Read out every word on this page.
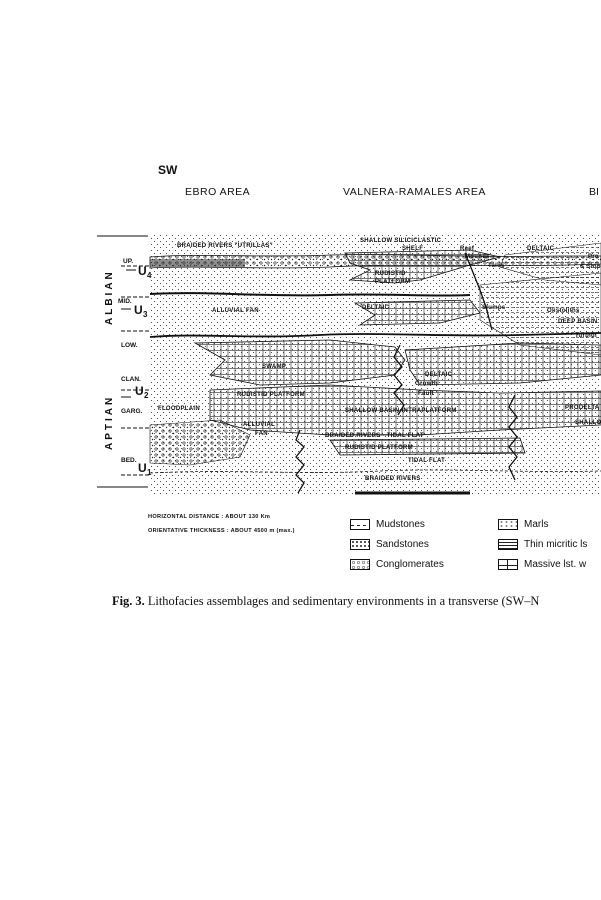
SW
EBRO AREA	VALNERA-RAMALES AREA	BI
ALBIAN
APTIAN
UP.
MID.
LOW.
CLAN.
GARG.
BED.
U 4
U 3
U 2
U 1
BRAIDED RIVERS "UTRILLAS"
SHALLOW SILICICLASTIC
SHELF	Reef
Mounds
Talus
DELTAIC
Pro
& Slop
RUDISTID
PLATFORM
ALLUVIAL FAN	DELTAIC	Slumps	Olistoliths
DEEP BASIN
Turbidi
SWAMP
DELTAIC
Growth
Fault
RUDISTID PLATFORM
FLOODPLAIN	SHALLOW BASIN INTRAPLATFORM	PRODELTA
SHALLO
ALLUVIAL
FAN	BRAIDED RIVERS - TIDAL FLAT
RUDISTID PLATFORM
TIDAL FLAT
BRAIDED RIVERS
HORIZONTAL DISTANCE : ABOUT 130 Km
ORIENTATIVE THICKNESS : ABOUT 4500 m (max.)
Mudstones
Sandstones
Conglomerates
Marls
Thin micritic ls
Massive lst. w
Fig. 3. Lithofacies assemblages and sedimentary environments in a transverse (SW–N
